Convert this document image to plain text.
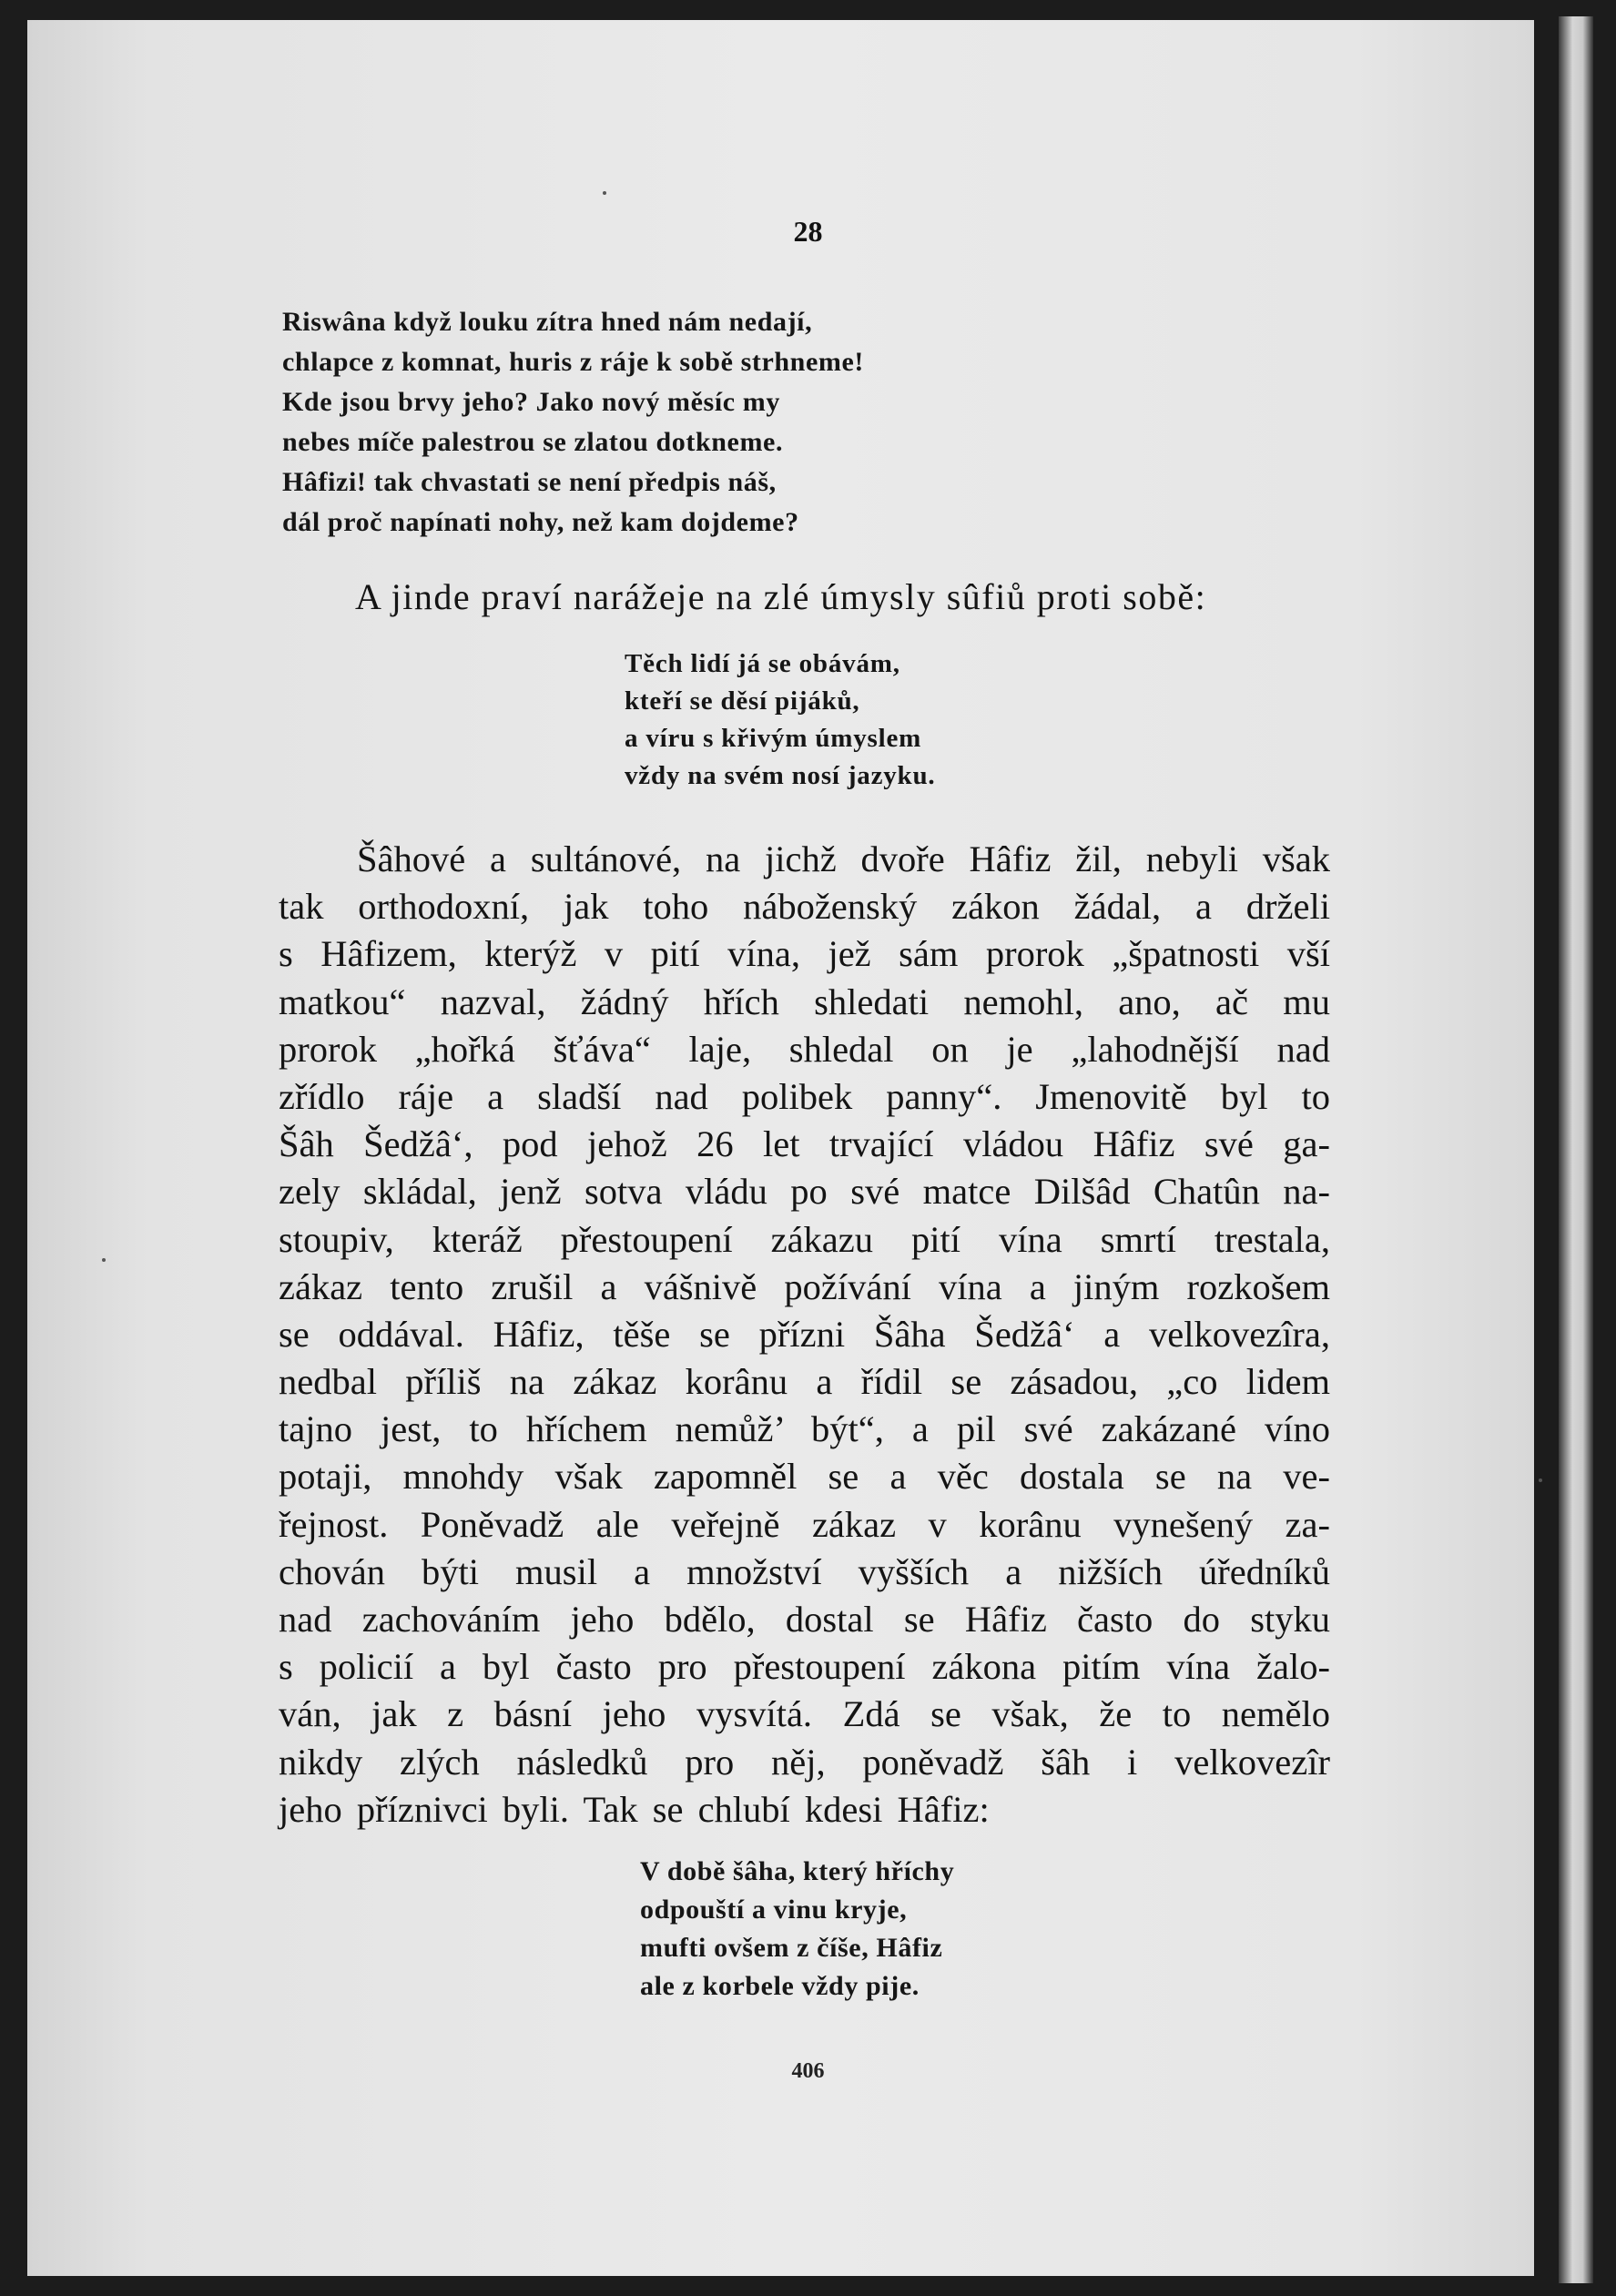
28
Riswâna když louku zítra hned nám nedají,
chlapce z komnat, huris z ráje k sobě strhneme!
Kde jsou brvy jeho? Jako nový měsíc my
nebes míče palestrou se zlatou dotkneme.
Hâfizi! tak chvastati se není předpis náš,
dál proč napínati nohy, než kam dojdeme?
A jinde praví narážeje na zlé úmysly sûfiů proti sobě:
Těch lidí já se obávám,
kteří se děsí pijáků,
a víru s křivým úmyslem
vždy na svém nosí jazyku.
Šâhové a sultánové, na jichž dvoře Hâfiz žil, nebyli však
tak orthodoxní, jak toho náboženský zákon žádal, a drželi
s Hâfizem, kterýž v pití vína, jež sám prorok „špatnosti vší
matkou“ nazval, žádný hřích shledati nemohl, ano, ač mu
prorok „hořká šťáva“ laje, shledal on je „lahodnější nad
zřídlo ráje a sladší nad polibek panny“. Jmenovitě byl to
Šâh Šedžâ‘, pod jehož 26 let trvající vládou Hâfiz své ga-
zely skládal, jenž sotva vládu po své matce Dilšâd Chatûn na-
stoupiv, kteráž přestoupení zákazu pití vína smrtí trestala,
zákaz tento zrušil a vášnivě požívání vína a jiným rozkošem
se oddával. Hâfiz, těše se přízni Šâha Šedžâ‘ a velkovezîra,
nedbal příliš na zákaz korânu a řídil se zásadou, „co lidem
tajno jest, to hříchem nemůž’ být“, a pil své zakázané víno
potaji, mnohdy však zapomněl se a věc dostala se na ve-
řejnost. Poněvadž ale veřejně zákaz v korânu vynešený za-
chován býti musil a množství vyšších a nižších úředníků
nad zachováním jeho bdělo, dostal se Hâfiz často do styku
s policií a byl často pro přestoupení zákona pitím vína žalo-
ván, jak z básní jeho vysvítá. Zdá se však, že to nemělo
nikdy zlých následků pro něj, poněvadž šâh i velkovezîr
jeho příznivci byli. Tak se chlubí kdesi Hâfiz:
V době šâha, který hříchy
odpouští a vinu kryje,
mufti ovšem z číše, Hâfiz
ale z korbele vždy pije.
406
